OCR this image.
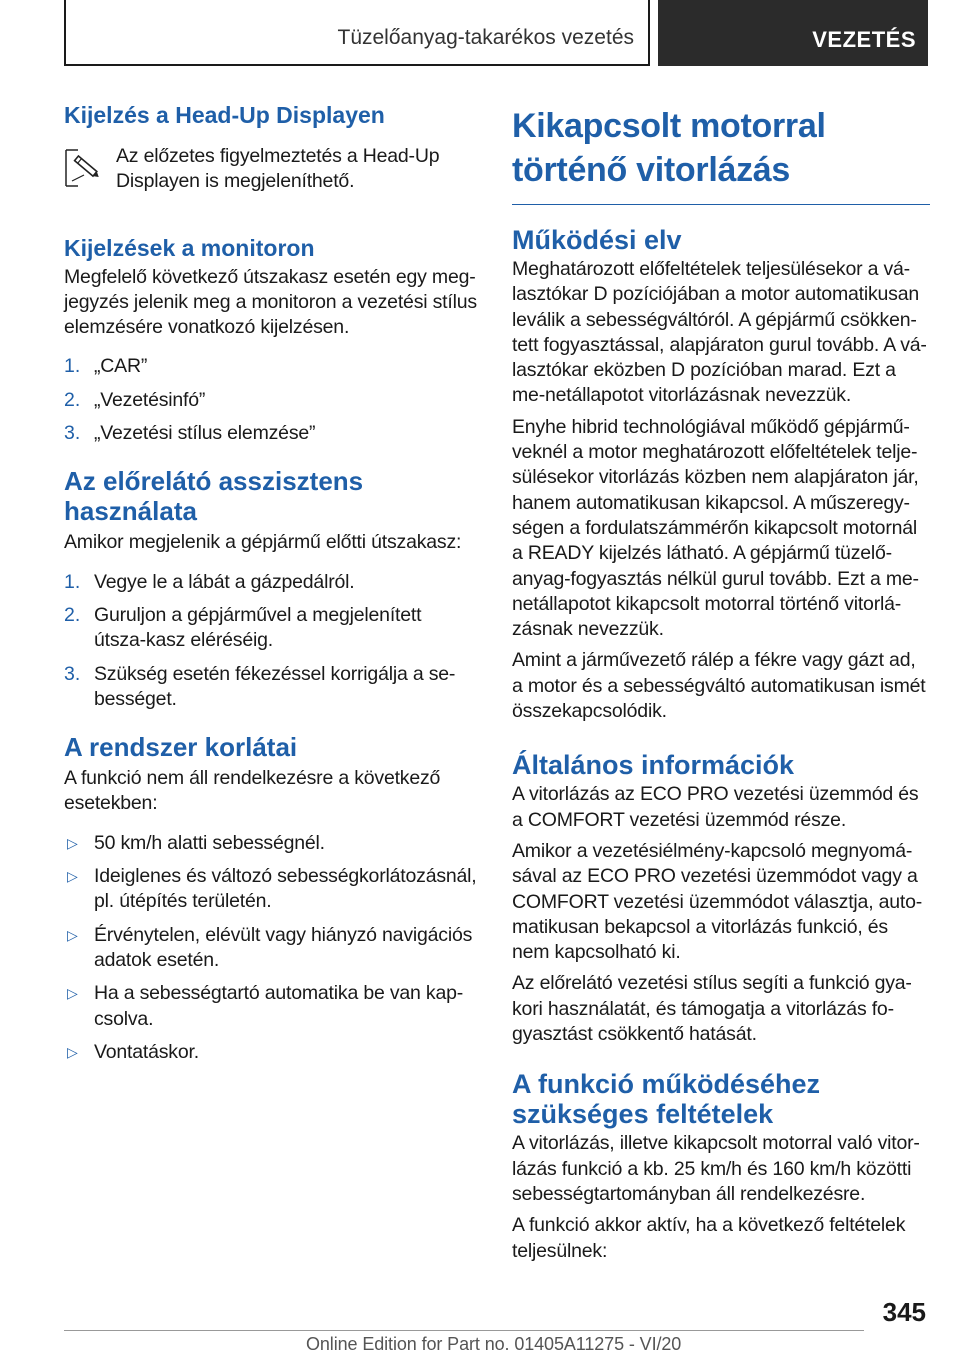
Tüzelőanyag-takarékos vezetés	VEZETÉS
Kijelzés a Head-Up Displayen

Az előzetes figyelmeztetés a Head-Up Displayen is megjeleníthető.

Kijelzések a monitoron

Megfelelő következő útszakasz esetén egy meg-jegyzés jelenik meg a monitoron a vezetési stílus elemzésére vonatkozó kijelzésen.

1. „CAR”

2. „Vezetésinfó”

3. „Vezetési stílus elemzése”

Az előrelátó asszisztens használata

Amikor megjelenik a gépjármű előtti útszakasz:

1. Vegye le a lábát a gázpedálról.

2. Guruljon a gépjárművel a megjelenített útsza-kasz eléréséig.

3. Szükség esetén fékezéssel korrigálja a se-bességet.

A rendszer korlátai

A funkció nem áll rendelkezésre a következő esetekben:

▷ 50 km/h alatti sebességnél.

▷ Ideiglenes és változó sebességkorlátozásnál, pl. útépítés területén.

▷ Érvénytelen, elévült vagy hiányzó navigációs adatok esetén.

▷ Ha a sebességtartó automatika be van kap-csolva.

▷ Vontatáskor.

Kikapcsolt motorral történő vitorlázás
Működési elv

Meghatározott előfeltételek teljesülésekor a vá-lasztókar D pozíciójában a motor automatikusan leválik a sebességváltóról. A gépjármű csökken-tett fogyasztással, alapjáraton gurul tovább. A vá-lasztókar eközben D pozícióban marad. Ezt a me-netállapotot vitorlázásnak nevezzük.

Enyhe hibrid technológiával működő gépjármű-veknél a motor meghatározott előfeltételek telje-sülésekor vitorlázás közben nem alapjáraton jár, hanem automatikusan kikapcsol. A műszeregy-ségen a fordulatszámmérőn kikapcsolt motornál a READY kijelzés látható. A gépjármű tüzelő-anyag-fogyasztás nélkül gurul tovább. Ezt a me-netállapotot kikapcsolt motorral történő vitorlá-zásnak nevezzük.

Amint a járművezető rálép a fékre vagy gázt ad, a motor és a sebességváltó automatikusan ismét összekapcsolódik.

Általános információk

A vitorlázás az ECO PRO vezetési üzemmód és a COMFORT vezetési üzemmód része.

Amikor a vezetésiélmény-kapcsoló megnyomá-sával az ECO PRO vezetési üzemmódot vagy a COMFORT vezetési üzemmódot választja, auto-matikusan bekapcsol a vitorlázás funkció, és nem kapcsolható ki.

Az előrelátó vezetési stílus segíti a funkció gya-kori használatát, és támogatja a vitorlázás fo-gyasztást csökkentő hatását.

A funkció működéséhez szükséges feltételek

A vitorlázás, illetve kikapcsolt motorral való vitor-lázás funkció a kb. 25 km/h és 160 km/h közötti sebességtartományban áll rendelkezésre.

A funkció akkor aktív, ha a következő feltételek teljesülnek:

345
Online Edition for Part no. 01405A11275 - VI/20
